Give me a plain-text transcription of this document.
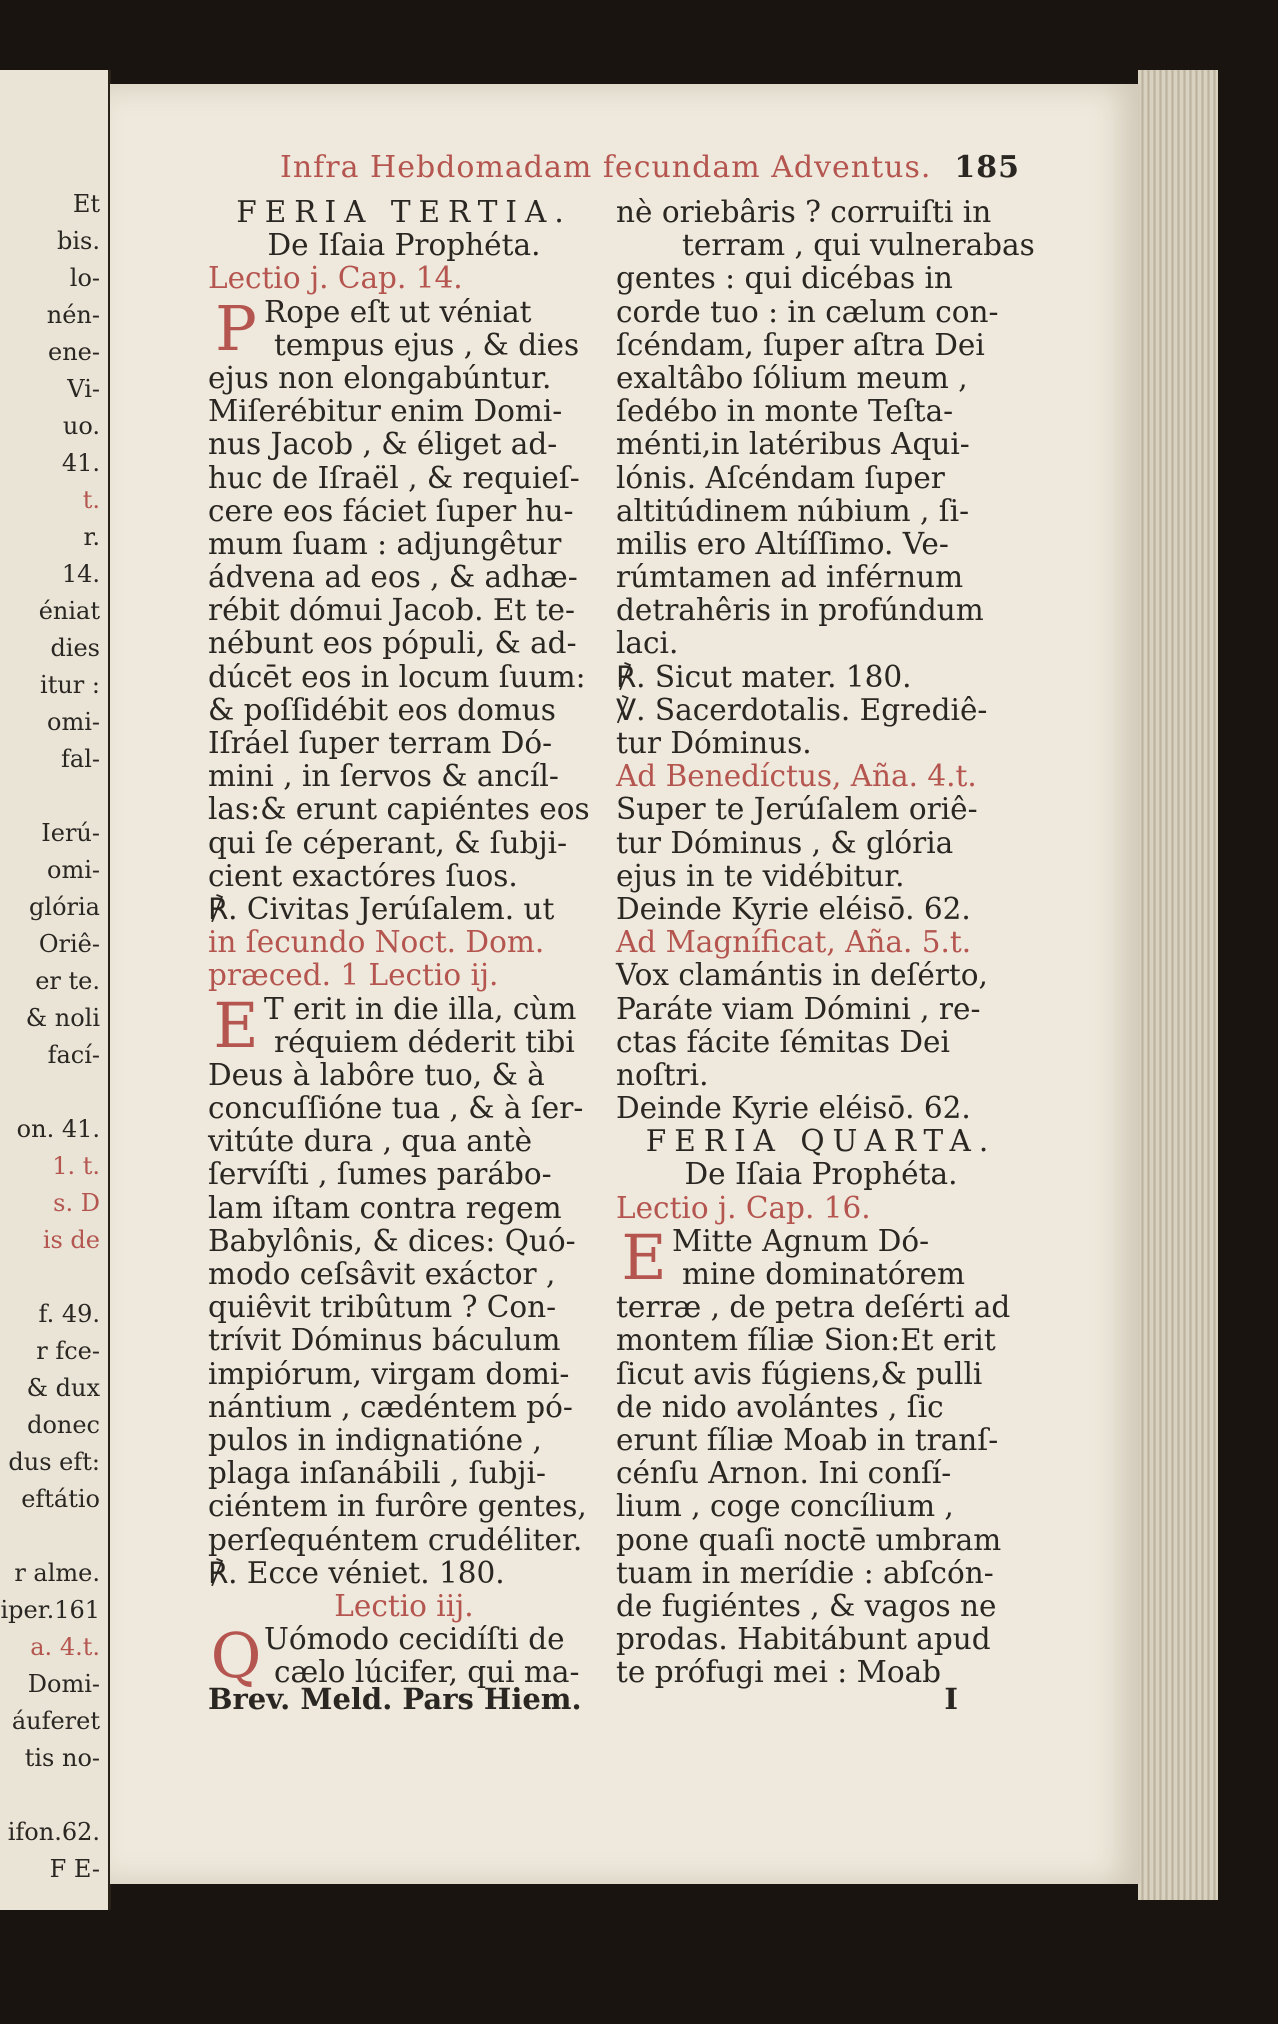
Et
bis.
lo-
nén-
ene-
Vi-
uo.
41.
t.
r.
14.
éniat
dies
itur :
omi-
fal-
Ierú-
omi-
glória
Oriê-
er te.
& noli
fací-
on. 41.
1. t.
s. D
is de
f. 49.
r fce-
& dux
donec
dus eft:
eftátio
r alme.
iper.161
a. 4.t.
Domi-
áuferet
tis no-
ifon.62.
F E-
Infra Hebdomadam fecundam Adventus. 185
FERIA TERTIA.
De Iſaia Prophéta.
Lectio j. Cap. 14.
P Rope eſt ut véniat
tempus ejus , & dies
ejus non elongabúntur.
Miſerébitur enim Domi-
nus Jacob , & éliget ad-
huc de Iſraël , & requieſ-
cere eos fáciet ſuper hu-
mum ſuam : adjungêtur
ádvena ad eos , & adhæ-
rébit dómui Jacob. Et te-
nébunt eos pópuli, & ad-
dúcēt eos in locum ſuum:
& poſſidébit eos domus
Iſráel ſuper terram Dó-
mini , in ſervos & ancíl-
las:& erunt capiéntes eos
qui ſe céperant, & ſubji-
cient exactóres ſuos.
℟. Civitas Jerúſalem. ut
in ſecundo Noct. Dom.
præced. 1 Lectio ij.
E T erit in die illa, cùm
réquiem déderit tibi
Deus à labôre tuo, & à
concuſſióne tua , & à ſer-
vitúte dura , qua antè
ſervíſti , ſumes parábo-
lam iſtam contra regem
Babylônis, & dices: Quó-
modo ceſsâvit exáctor ,
quiêvit tribûtum ? Con-
trívit Dóminus báculum
impiórum, virgam domi-
nántium , cædéntem pó-
pulos in indignatióne ,
plaga inſanábili , ſubji-
ciéntem in furôre gentes,
perſequéntem crudéliter.
℟. Ecce véniet. 180.
Lectio iij.
Q Uómodo cecidíſti de
cælo lúcifer, qui ma-
nè oriebâris ? corruiſti in
terram , qui vulnerabas
gentes : qui dicébas in
corde tuo : in cælum con-
ſcéndam, ſuper aſtra Dei
exaltâbo ſólium meum ,
ſedébo in monte Teſta-
ménti,in latéribus Aqui-
lónis. Aſcéndam ſuper
altitúdinem núbium , ſi-
milis ero Altíſſimo. Ve-
rúmtamen ad inférnum
detrahêris in profúndum
laci.
℟. Sicut mater. 180.
℣. Sacerdotalis. Egrediê-
tur Dóminus.
Ad Benedíctus, Aña. 4.t.
Super te Jerúſalem oriê-
tur Dóminus , & glória
ejus in te vidébitur.
Deinde Kyrie eléisō. 62.
Ad Magníficat, Aña. 5.t.
Vox clamántis in deſérto,
Paráte viam Dómini , re-
ctas fácite ſémitas Dei
noſtri.
Deinde Kyrie eléisō. 62.
FERIA QUARTA.
De Iſaia Prophéta.
Lectio j. Cap. 16.
E Mitte Agnum Dó-
mine dominatórem
terræ , de petra deſérti ad
montem fíliæ Sion:Et erit
ſicut avis fúgiens,& pulli
de nido avolántes , ſic
erunt fíliæ Moab in tranſ-
cénſu Arnon. Ini conſí-
lium , coge concílium ,
pone quaſi noctē umbram
tuam in merídie : abſcón-
de fugiéntes , & vagos ne
prodas. Habitábunt apud
te prófugi mei : Moab
Brev. Meld. Pars Hiem.	I
